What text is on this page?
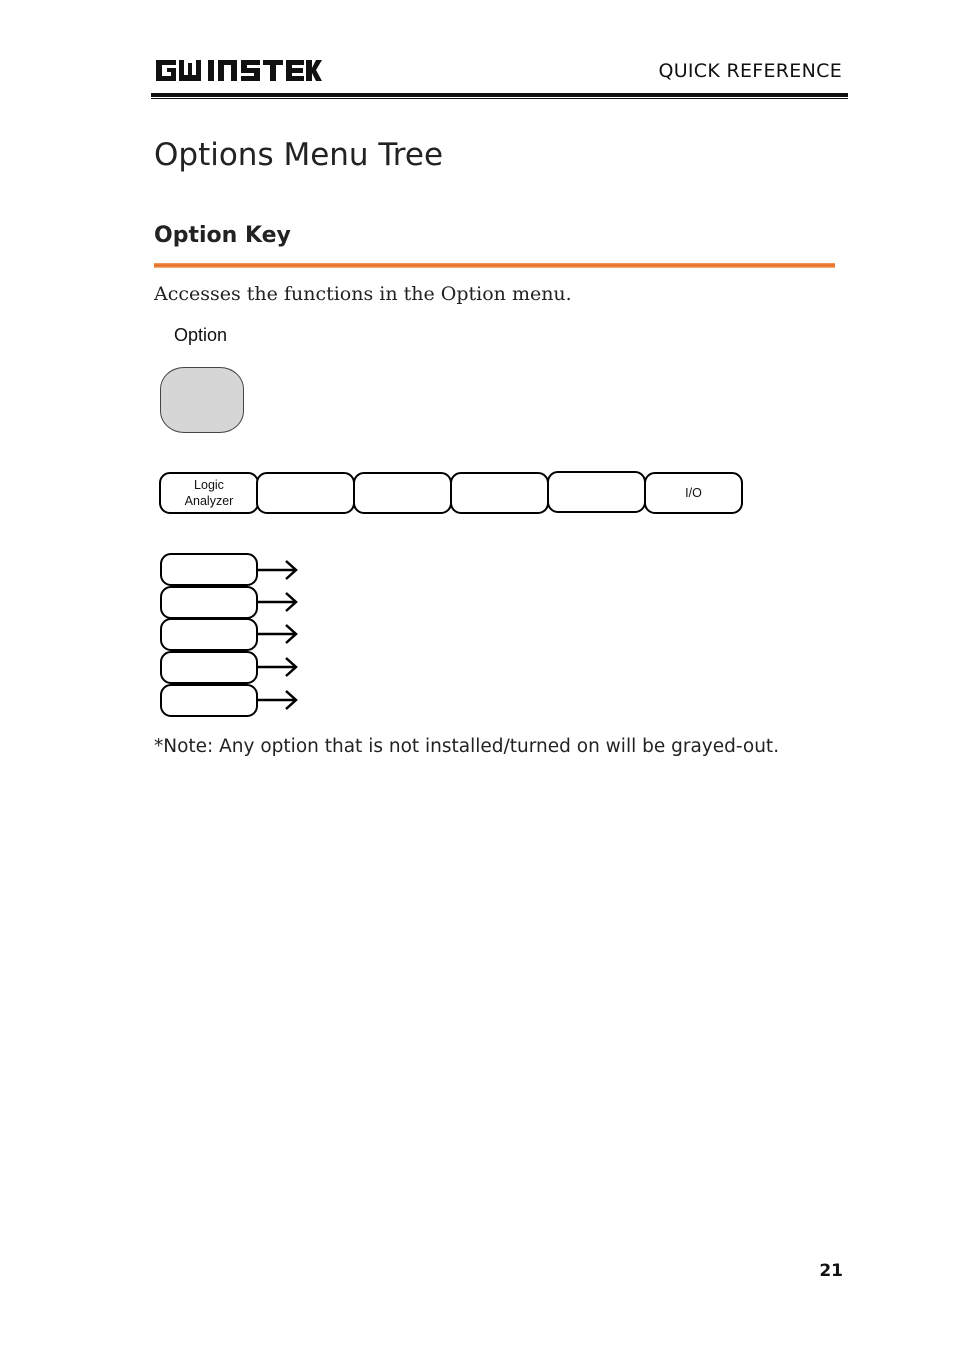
QUICK REFERENCE
Options Menu Tree
Option Key
Accesses the functions in the Option menu.
Option
Logic
Analyzer
I/O
*Note: Any option that is not installed/turned on will be grayed-out.
21
